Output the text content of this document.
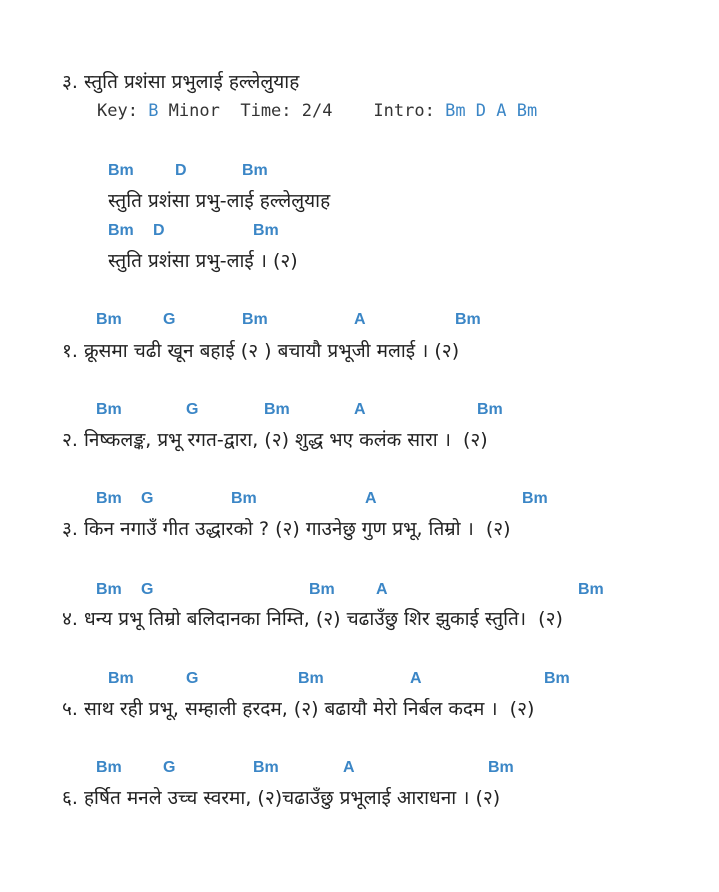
३. स्तुति प्रशंसा प्रभुलाई हल्लेलुयाह
Key: B Minor Time: 2/4 Intro: Bm D A Bm
Bm	D	Bm
स्तुति प्रशंसा प्रभु-लाई हल्लेलुयाह
Bm D	Bm
स्तुति प्रशंसा प्रभु-लाई । (२)
Bm	G	Bm	A	Bm
१. क्रूसमा चढी खून बहाई (२ ) बचायौ प्रभूजी मलाई । (२)
Bm	G	Bm	A	Bm
२. निष्कलङ्क, प्रभू रगत-द्वारा, (२) शुद्ध भए कलंक सारा ।  (२)
Bm G	Bm	A	Bm
३. किन नगाउँ गीत उद्धारको ? (२) गाउनेछु गुण प्रभू, तिम्रो ।  (२)
Bm G	Bm	A	Bm
४. धन्य प्रभू तिम्रो बलिदानका निम्ति, (२) चढाउँछु शिर झुकाई स्तुति।  (२)
Bm	G	Bm	A	Bm
५. साथ रही प्रभू, सम्हाली हरदम, (२) बढायौ मेरो निर्बल कदम ।  (२)
Bm	G	Bm	A	Bm
६. हर्षित मनले उच्च स्वरमा, (२)चढाउँछु प्रभूलाई आराधना । (२)
